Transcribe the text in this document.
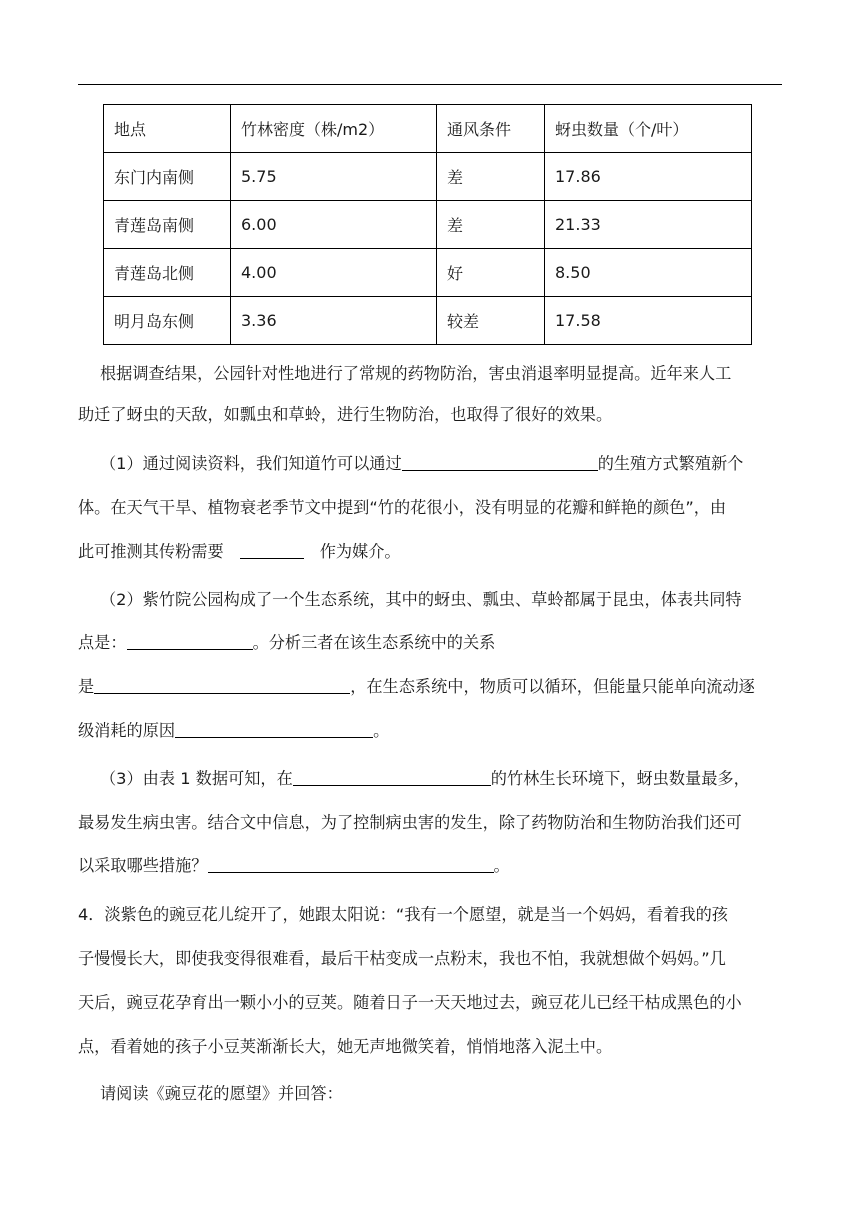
地点	竹林密度（株/m2）	通风条件	蚜虫数量（个/叶）
东门内南侧	5.75	差	17.86
青莲岛南侧	6.00	差	21.33
青莲岛北侧	4.00	好	8.50
明月岛东侧	3.36	较差	17.58
根据调查结果，公园针对性地进行了常规的药物防治，害虫消退率明显提高。近年来人工
助迁了蚜虫的天敌，如瓢虫和草蛉，进行生物防治，也取得了很好的效果。
（1）通过阅读资料，我们知道竹可以通过	的生殖方式繁殖新个
体。在天气干旱、植物衰老季节文中提到“竹的花很小，没有明显的花瓣和鲜艳的颜色”，由
此可推测其传粉需要	作为媒介。
（2）紫竹院公园构成了一个生态系统，其中的蚜虫、瓢虫、草蛉都属于昆虫，体表共同特
点是：	。分析三者在该生态系统中的关系
是	，在生态系统中，物质可以循环，但能量只能单向流动逐
级消耗的原因	。
（3）由表 1 数据可知，在	的竹林生长环境下，蚜虫数量最多，
最易发生病虫害。结合文中信息，为了控制病虫害的发生，除了药物防治和生物防治我们还可
以采取哪些措施？	。
4．淡紫色的豌豆花儿绽开了，她跟太阳说：“我有一个愿望，就是当一个妈妈，看着我的孩
子慢慢长大，即使我变得很难看，最后干枯变成一点粉末，我也不怕，我就想做个妈妈。”几
天后，豌豆花孕育出一颗小小的豆荚。随着日子一天天地过去，豌豆花儿已经干枯成黑色的小
点，看着她的孩子小豆荚渐渐长大，她无声地微笑着，悄悄地落入泥土中。
请阅读《豌豆花的愿望》并回答：
